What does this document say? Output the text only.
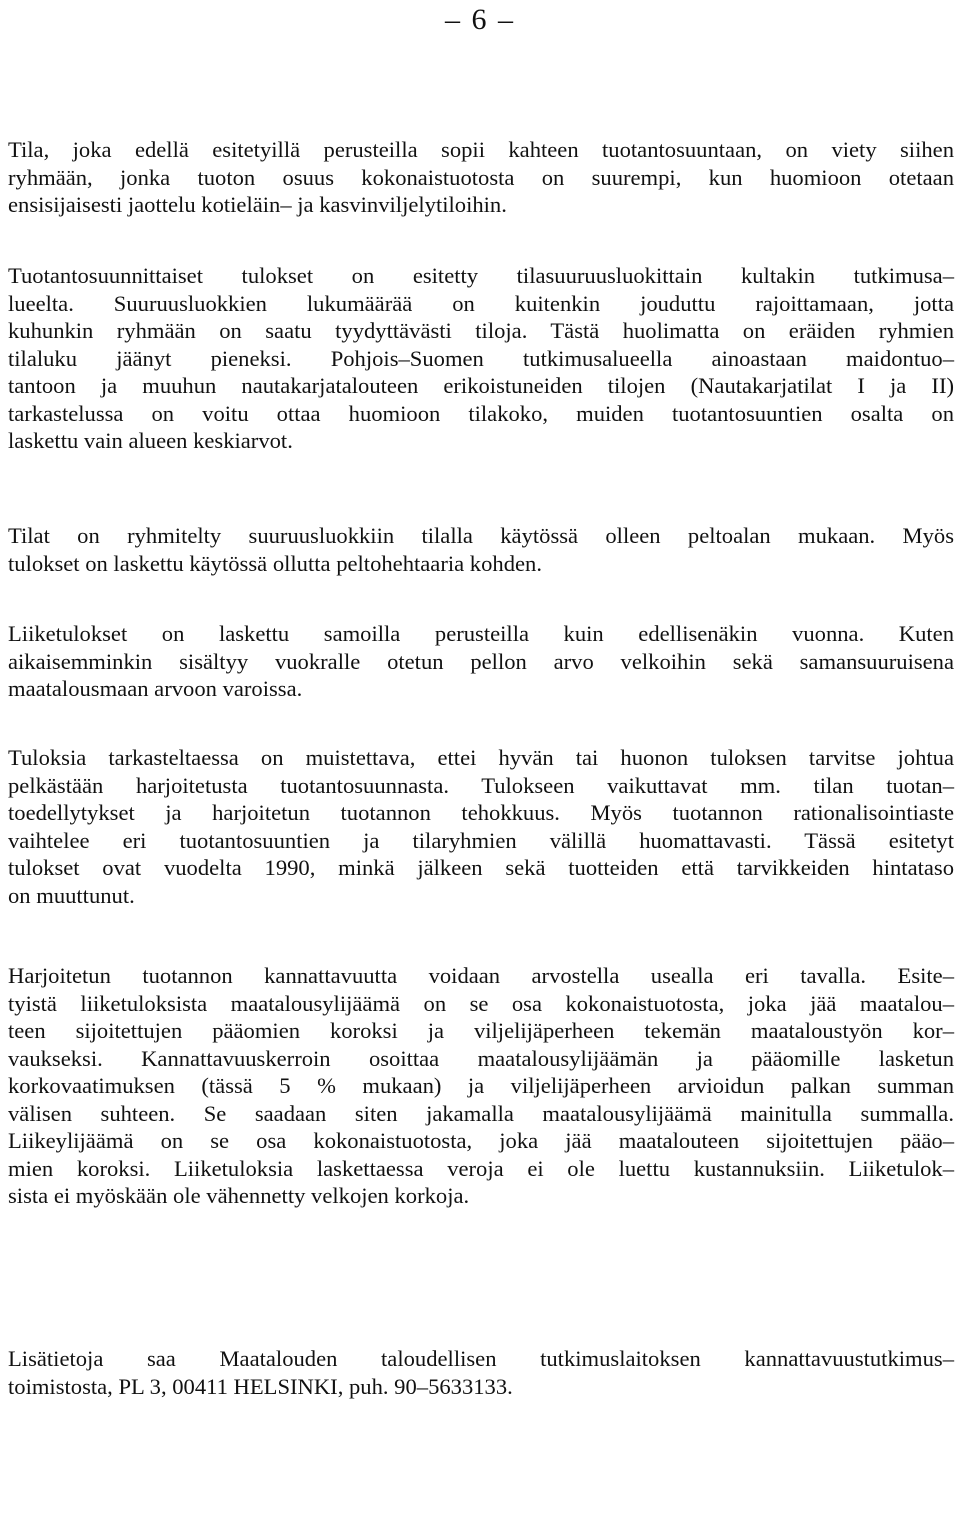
– 6 –

Tila, joka edellä esitetyillä perusteilla sopii kahteen tuotantosuuntaan, on viety siihen
ryhmään, jonka tuoton osuus kokonaistuotosta on suurempi, kun huomioon otetaan
ensisijaisesti jaottelu kotieläin– ja kasvinviljelytiloihin.

Tuotantosuunnittaiset tulokset on esitetty tilasuuruusluokittain kultakin tutkimusa–
lueelta. Suuruusluokkien lukumäärää on kuitenkin jouduttu rajoittamaan, jotta
kuhunkin ryhmään on saatu tyydyttävästi tiloja. Tästä huolimatta on eräiden ryhmien
tilaluku jäänyt pieneksi. Pohjois–Suomen tutkimusalueella ainoastaan maidontuo–
tantoon ja muuhun nautakarjatalouteen erikoistuneiden tilojen (Nautakarjatilat I ja II)
tarkastelussa on voitu ottaa huomioon tilakoko, muiden tuotantosuuntien osalta on
laskettu vain alueen keskiarvot.

Tilat on ryhmitelty suuruusluokkiin tilalla käytössä olleen peltoalan mukaan. Myös
tulokset on laskettu käytössä ollutta peltohehtaaria kohden.

Liiketulokset on laskettu samoilla perusteilla kuin edellisenäkin vuonna. Kuten
aikaisemminkin sisältyy vuokralle otetun pellon arvo velkoihin sekä samansuuruisena
maatalousmaan arvoon varoissa.

Tuloksia tarkasteltaessa on muistettava, ettei hyvän tai huonon tuloksen tarvitse johtua
pelkästään harjoitetusta tuotantosuunnasta. Tulokseen vaikuttavat mm. tilan tuotan–
toedellytykset ja harjoitetun tuotannon tehokkuus. Myös tuotannon rationalisointiaste
vaihtelee eri tuotantosuuntien ja tilaryhmien välillä huomattavasti. Tässä esitetyt
tulokset ovat vuodelta 1990, minkä jälkeen sekä tuotteiden että tarvikkeiden hintataso
on muuttunut.

Harjoitetun tuotannon kannattavuutta voidaan arvostella usealla eri tavalla. Esite–
tyistä liiketuloksista maatalousylijäämä on se osa kokonaistuotosta, joka jää maatalou–
teen sijoitettujen pääomien koroksi ja viljelijäperheen tekemän maataloustyön kor–
vaukseksi. Kannattavuuskerroin osoittaa maatalousylijäämän ja pääomille lasketun
korkovaatimuksen (tässä 5 % mukaan) ja viljelijäperheen arvioidun palkan summan
välisen suhteen. Se saadaan siten jakamalla maatalousylijäämä mainitulla summalla.
Liikeylijäämä on se osa kokonaistuotosta, joka jää maatalouteen sijoitettujen pääo–
mien koroksi. Liiketuloksia laskettaessa veroja ei ole luettu kustannuksiin. Liiketulok–
sista ei myöskään ole vähennetty velkojen korkoja.

Lisätietoja saa Maatalouden taloudellisen tutkimuslaitoksen kannattavuustutkimus–
toimistosta, PL 3, 00411 HELSINKI, puh. 90–5633133.
